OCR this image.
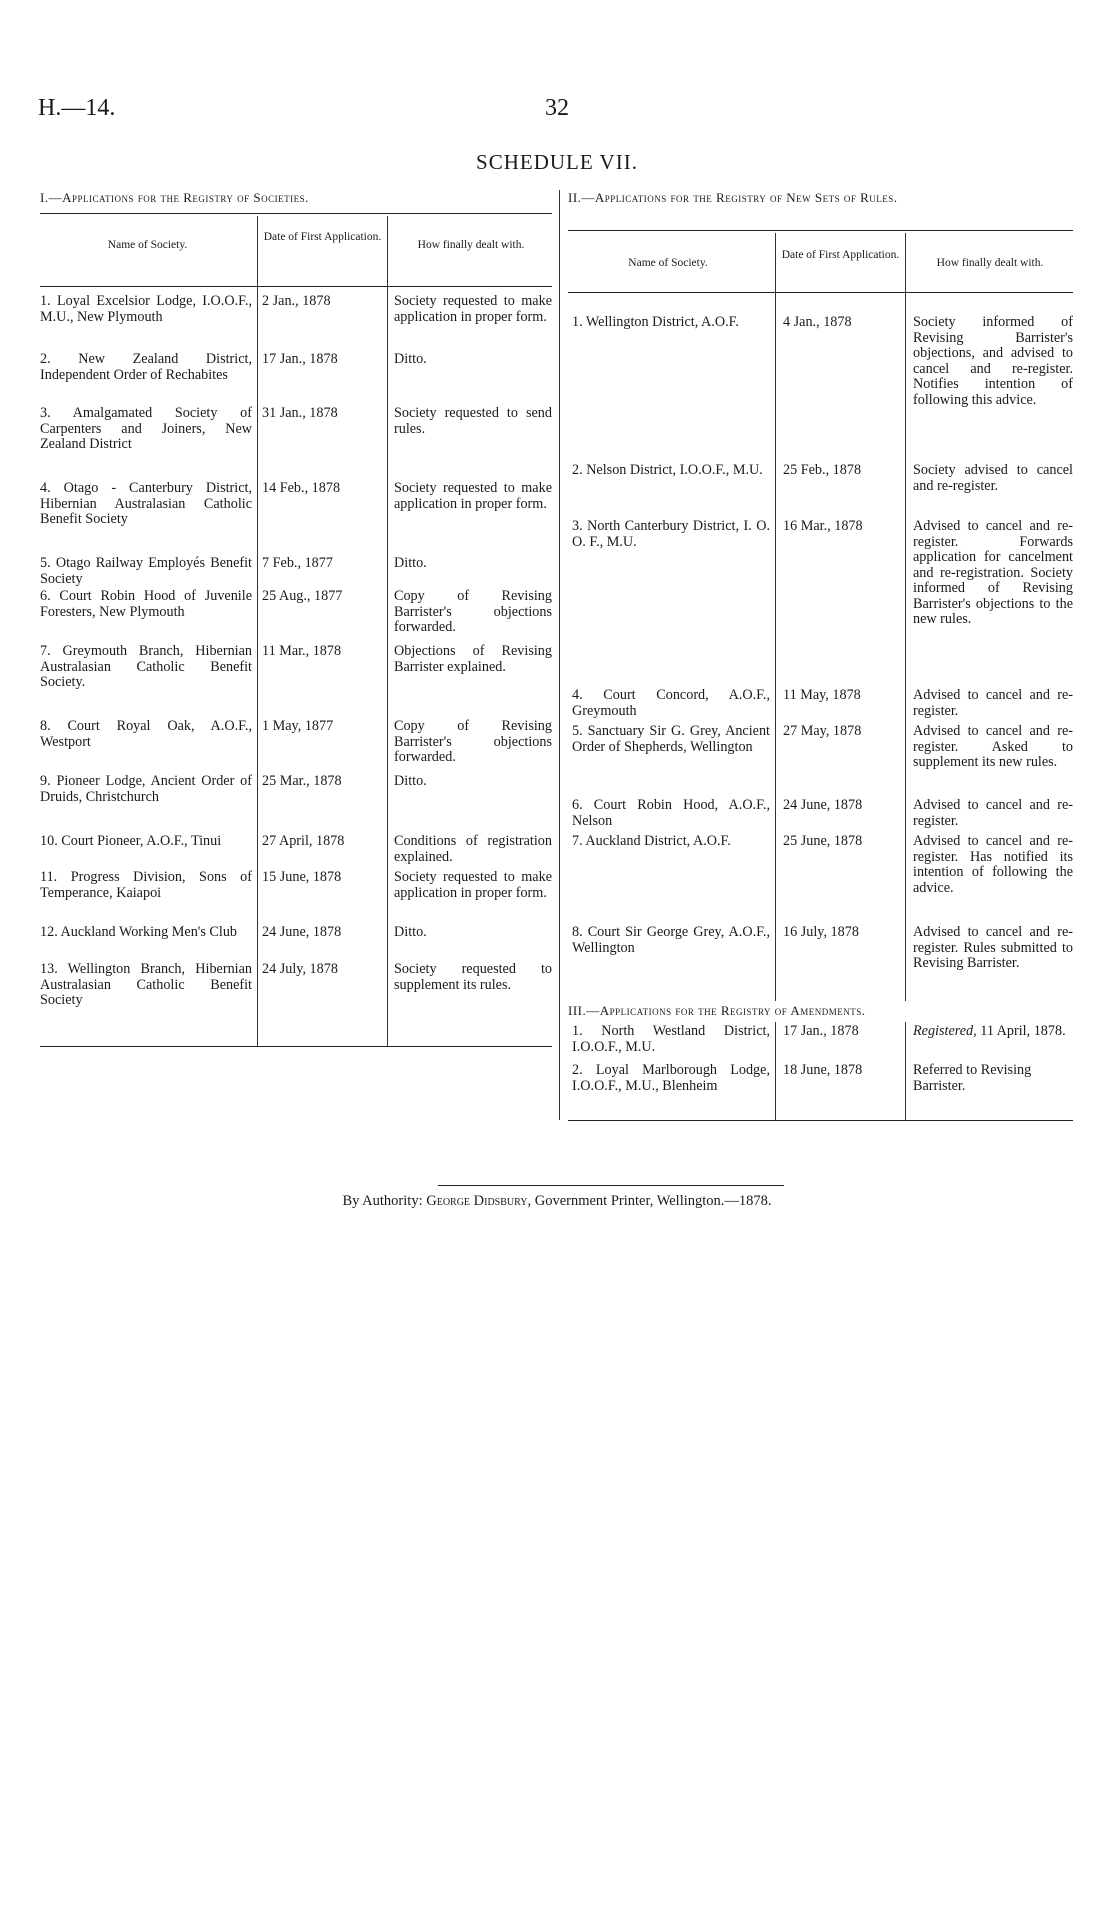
H.—14.	32
SCHEDULE VII.
I.—Applications for the Registry of Societies.
Name of Society.
Date of First Application.
How finally dealt with.
1. Loyal Excelsior Lodge, I.O.O.F., M.U., New Plymouth
2 Jan., 1878	Society requested to make application in proper form.
2. New Zealand District, Independent Order of Rechabites
17 Jan., 1878	Ditto.
3. Amalgamated Society of Carpenters and Joiners, New Zealand District
31 Jan., 1878	Society requested to send rules.
4. Otago - Canterbury District, Hibernian Australasian Catholic Benefit Society
14 Feb., 1878	Society requested to make application in proper form.
5. Otago Railway Employés Benefit Society
7 Feb., 1877	Ditto.
6. Court Robin Hood of Juvenile Foresters, New Plymouth
25 Aug., 1877	Copy of Revising Barrister's objections forwarded.
7. Greymouth Branch, Hibernian Australasian Catholic Benefit Society.
11 Mar., 1878	Objections of Revising Barrister explained.
8. Court Royal Oak, A.O.F., Westport
1 May, 1877	Copy of Revising Barrister's objections forwarded.
9. Pioneer Lodge, Ancient Order of Druids, Christchurch
25 Mar., 1878	Ditto.
10. Court Pioneer, A.O.F., Tinui	27 April, 1878	Conditions of registration explained.
11. Progress Division, Sons of Temperance, Kaiapoi
15 June, 1878	Society requested to make application in proper form.
12. Auckland Working Men's Club	24 June, 1878	Ditto.
13. Wellington Branch, Hibernian Australasian Catholic Benefit Society
24 July, 1878	Society requested to supplement its rules.
II.—Applications for the Registry of New Sets of Rules.
Name of Society.
Date of First Application.
How finally dealt with.
1. Wellington District, A.O.F.	4 Jan., 1878	Society informed of Revising Barrister's objections, and advised to cancel and re-register. Notifies intention of following this advice.
2. Nelson District, I.O.O.F., M.U.	25 Feb., 1878	Society advised to cancel and re-register.
3. North Canterbury District, I. O. O. F., M.U.
16 Mar., 1878	Advised to cancel and re-register. Forwards application for cancelment and re-registration. Society informed of Revising Barrister's objections to the new rules.
4. Court Concord, A.O.F., Greymouth
11 May, 1878	Advised to cancel and re-register.
5. Sanctuary Sir G. Grey, Ancient Order of Shepherds, Wellington
27 May, 1878	Advised to cancel and re-register. Asked to supplement its new rules.
6. Court Robin Hood, A.O.F., Nelson
24 June, 1878	Advised to cancel and re-register.
7. Auckland District, A.O.F.	25 June, 1878	Advised to cancel and re-register. Has notified its intention of following the advice.
8. Court Sir George Grey, A.O.F., Wellington
16 July, 1878	Advised to cancel and re-register. Rules submitted to Revising Barrister.
III.—Applications for the Registry of Amendments.
1. North Westland District, I.O.O.F., M.U.
17 Jan., 1878	Registered, 11 April, 1878.
2. Loyal Marlborough Lodge, I.O.O.F., M.U., Blenheim
18 June, 1878	Referred to Revising Barrister.
By Authority: George Didsbury, Government Printer, Wellington.—1878.
